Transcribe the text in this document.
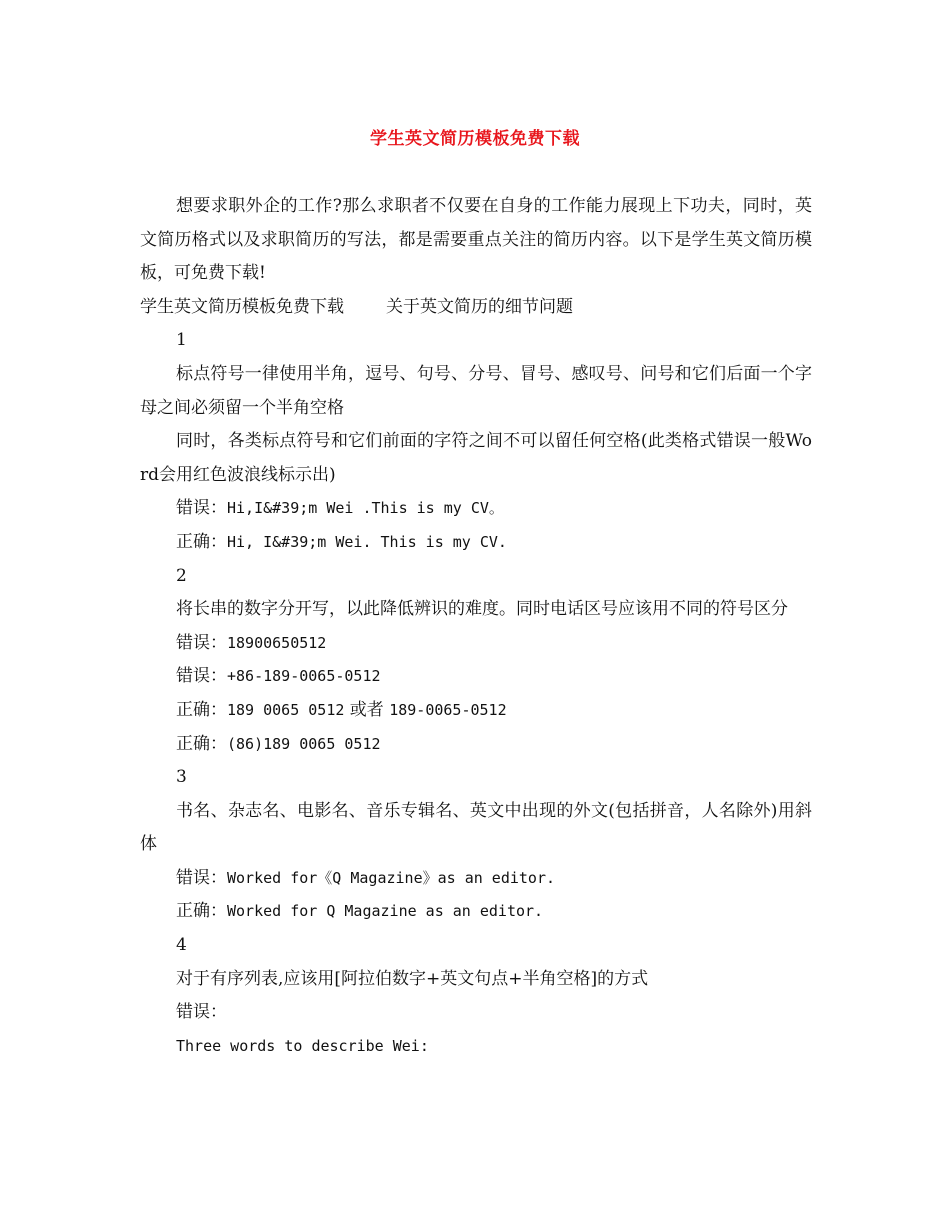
学生英文简历模板免费下载

想要求职外企的工作?那么求职者不仅要在自身的工作能力展现上下功夫，同时，英文简历格式以及求职简历的写法，都是需要重点关注的简历内容。以下是学生英文简历模板，可免费下载!

学生英文简历模板免费下载 关于英文简历的细节问题

1

标点符号一律使用半角，逗号、句号、分号、冒号、感叹号、问号和它们后面一个字母之间必须留一个半角空格

同时，各类标点符号和它们前面的字符之间不可以留任何空格(此类格式错误一般Word会用红色波浪线标示出)

错误：Hi,I&#39;m Wei .This is my CV。

正确：Hi, I&#39;m Wei. This is my CV.

2

将长串的数字分开写，以此降低辨识的难度。同时电话区号应该用不同的符号区分

错误：18900650512

错误：+86-189-0065-0512

正确：189 0065 0512 或者 189-0065-0512

正确：(86)189 0065 0512

3

书名、杂志名、电影名、音乐专辑名、英文中出现的外文(包括拼音，人名除外)用斜体

错误：Worked for《Q Magazine》as an editor.

正确：Worked for Q Magazine as an editor.

4

对于有序列表,应该用[阿拉伯数字+英文句点+半角空格]的方式

错误：

Three words to describe Wei:
